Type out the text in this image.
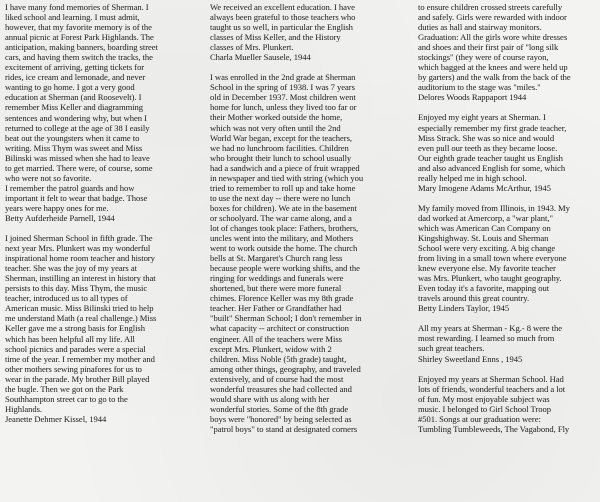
I have many fond memories of Sherman. I
liked school and learning. I must admit,
however, that my favorite memory is of the
annual picnic at Forest Park Highlands. The
anticipation, making banners, boarding street
cars, and having them switch the tracks, the
excitement of arriving, getting tickets for
rides, ice cream and lemonade, and never
wanting to go home. I got a very good
education at Sherman (and Roosevelt). I
remember Miss Keller and diagramming
sentences and wondering why, but when I
returned to college at the age of 38 I easily
beat out the youngsters when it came to
writing. Miss Thym was sweet and Miss
Bilinski was missed when she had to leave
to get married. There were, of course, some
who were not so favorite.
I remember the patrol guards and how
important it felt to wear that badge. Those
years were happy ones for me.

Betty Aufderheide Parnell, 1944

I joined Sherman School in fifth grade. The
next year Mrs. Plunkert was my wonderful
inspirational home room teacher and history
teacher. She was the joy of my years at
Sherman, instilling an interest in history that
persists to this day. Miss Thym, the music
teacher, introduced us to all types of
American music. Miss Bilinski tried to help
me understand Math (a real challenge.) Miss
Keller gave me a strong basis for English
which has been helpful all my life. All
school picnics and parades were a special
time of the year. I remember my mother and
other mothers sewing pinafores for us to
wear in the parade. My brother Bill played
the bugle. Then we got on the Park
Southhampton street car to go to the
Highlands.

Jeanette Dehmer Kissel, 1944

We received an excellent education. I have
always been grateful to those teachers who
taught us so well, in particular the English
classes of Miss Keller, and the History
classes of Mrs. Plunkert.

Charla Mueller Sausele, 1944

I was enrolled in the 2nd grade at Sherman
School in the spring of 1938. I was 7 years
old in December 1937. Most children went
home for lunch, unless they lived too far or
their Mother worked outside the home,
which was not very often until the 2nd
World War began, except for the teachers,
we had no lunchroom facilities. Children
who brought their lunch to school usually
had a sandwich and a piece of fruit wrapped
in newspaper and tied with string (which you
tried to remember to roll up and take home
to use the next day -- there were no lunch
boxes for children). We ate in the basement
or schoolyard. The war came along, and a
lot of changes took place: Fathers, brothers,
uncles went into the military, and Mothers
went to work outside the home. The church
bells at St. Margaret's Church rang less
because people were working shifts, and the
ringing for weddings and funerals were
shortened, but there were more funeral
chimes. Florence Keller was my 8th grade
teacher. Her Father or Grandfather had
"built" Sherman School; I don't remember in
what capacity -- architect or construction
engineer. All of the teachers were Miss
except Mrs. Plunkert, widow with 2
children. Miss Noble (5th grade) taught,
among other things, geography, and traveled
extensively, and of course had the most
wonderful treasures she had collected and
would share with us along with her
wonderful stories. Some of the 8th grade
boys were "honored" by being selected as
"patrol boys" to stand at designated corners

to ensure children crossed streets carefully
and safely. Girls were rewarded with indoor
duties as hall and stairway monitors.
Graduation: All the girls wore white dresses
and shoes and their first pair of "long silk
stockings" (they were of course rayon,
which bagged at the knees and were held up
by garters) and the walk from the back of the
auditorium to the stage was "miles."

Delores Woods Rappaport 1944

Enjoyed my eight years at Sherman. I
especially remember my first grade teacher,
Miss Strack. She was so nice and would
even pull our teeth as they became loose.
Our eighth grade teacher taught us English
and also advanced English for some, which
really helped me in high school.

Mary Imogene Adams McArthur, 1945

My family moved from Illinois, in 1943. My
dad worked at Amercorp, a "war plant,"
which was American Can Company on
Kingshighway. St. Louis and Sherman
School were very exciting. A big change
from living in a small town where everyone
knew everyone else. My favorite teacher
was Mrs. Plunkert, who taught geography.
Even today it's a favorite, mapping out
travels around this great country.

Betty Linders Taylor, 1945

All my years at Sherman - Kg.- 8 were the
most rewarding. I learned so much from
such great teachers.

Shirley Sweetland Enns , 1945

Enjoyed my years at Sherman School. Had
lots of friends, wonderful teachers and a lot
of fun. My most enjoyable subject was
music. I belonged to Girl School Troop
#501. Songs at our graduation were:
Tumbling Tumbleweeds, The Vagabond, Fly
